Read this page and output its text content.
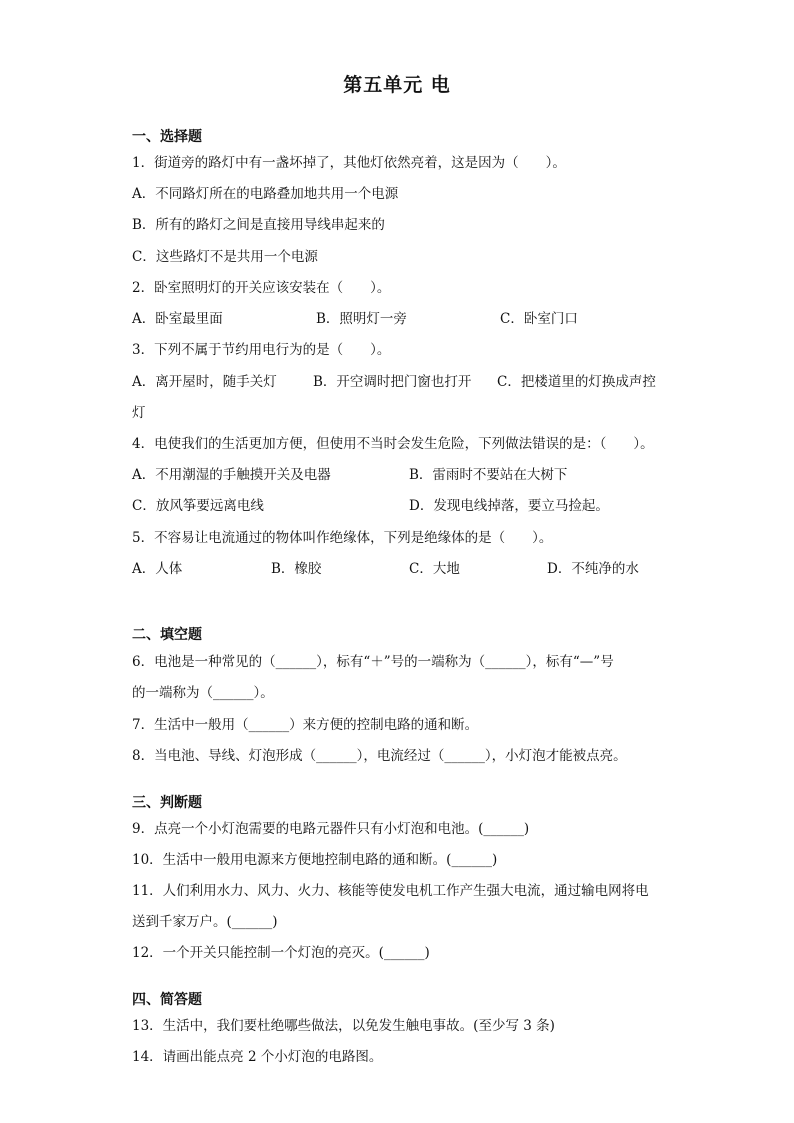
第五单元 电
一、选择题
1．街道旁的路灯中有一盏坏掉了，其他灯依然亮着，这是因为（　　）。
A．不同路灯所在的电路叠加地共用一个电源
B．所有的路灯之间是直接用导线串起来的
C．这些路灯不是共用一个电源
2．卧室照明灯的开关应该安装在（　　）。
A．卧室最里面	B．照明灯一旁	C．卧室门口
3．下列不属于节约用电行为的是（　　）。
A．离开屋时，随手关灯	B．开空调时把门窗也打开 C．把楼道里的灯换成声控
灯
4．电使我们的生活更加方便，但使用不当时会发生危险，下列做法错误的是：（　　）。
A．不用潮湿的手触摸开关及电器	B．雷雨时不要站在大树下
C．放风筝要远离电线	D．发现电线掉落，要立马捡起。
5．不容易让电流通过的物体叫作绝缘体，下列是绝缘体的是（　　）。
A．人体	B．橡胶	C．大地	D．不纯净的水
二、填空题
6．电池是一种常见的（______），标有“＋”号的一端称为（______），标有“—”号
的一端称为（______）。
7．生活中一般用（______）来方便的控制电路的通和断。
8．当电池、导线、灯泡形成（______），电流经过（______），小灯泡才能被点亮。
三、判断题
9．点亮一个小灯泡需要的电路元器件只有小灯泡和电池。(______)
10．生活中一般用电源来方便地控制电路的通和断。(______)
11．人们利用水力、风力、火力、核能等使发电机工作产生强大电流，通过输电网将电
送到千家万户。(______)
12．一个开关只能控制一个灯泡的亮灭。(______)
四、简答题
13．生活中，我们要杜绝哪些做法，以免发生触电事故。(至少写 3 条)
14．请画出能点亮 2 个小灯泡的电路图。
